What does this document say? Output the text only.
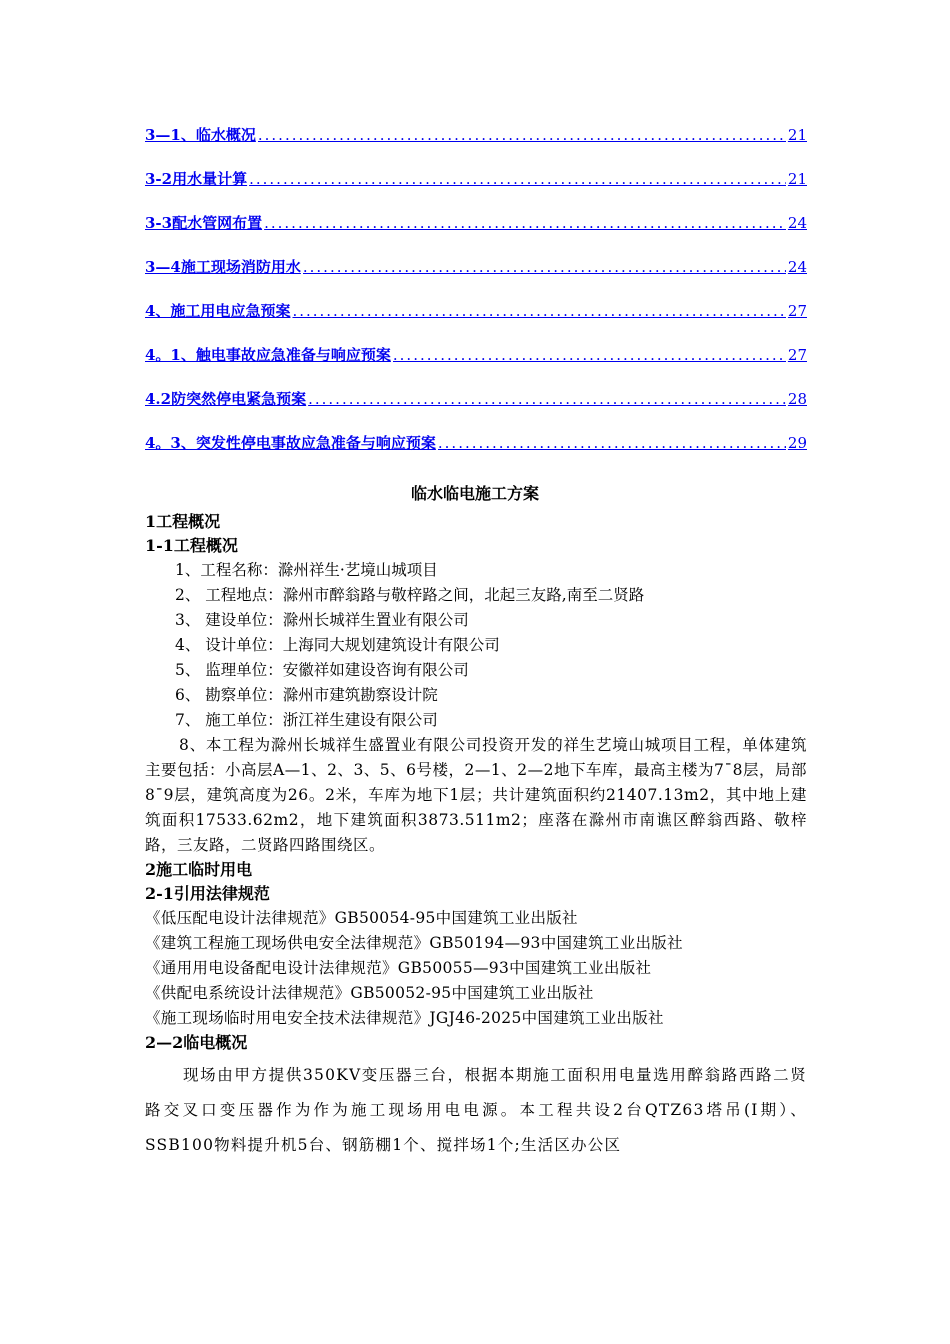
3—1、临水概况 .....	21
3-2用水量计算 .....	21
3-3配水管网布置 .....	24
3—4施工现场消防用水 .....	24
4、施工用电应急预案 .....	27
4。1、触电事故应急准备与响应预案 .....	27
4.2防突然停电紧急预案 .....	28
4。3、突发性停电事故应急准备与响应预案 .....	29
临水临电施工方案
1工程概况
1-1工程概况
1、工程名称：滁州祥生·艺境山城项目
2、 工程地点：滁州市醉翁路与敬梓路之间，北起三友路,南至二贤路
3、 建设单位：滁州长城祥生置业有限公司
4、 设计单位：上海同大规划建筑设计有限公司
5、 监理单位：安徽祥如建设咨询有限公司
6、 勘察单位：滁州市建筑勘察设计院
7、 施工单位：浙江祥生建设有限公司
8、本工程为滁州长城祥生盛置业有限公司投资开发的祥生艺境山城项目工程，单体建筑主要包括：小高层A—1、2、3、5、6号楼，2—1、2—2地下车库，最高主楼为7¯8层，局部8¯9层，建筑高度为26。2米，车库为地下1层；共计建筑面积约21407.13m2，其中地上建筑面积17533.62m2，地下建筑面积3873.511m2；座落在滁州市南谯区醉翁西路、敬梓路，三友路，二贤路四路围绕区。
2施工临时用电
2-1引用法律规范
《低压配电设计法律规范》GB50054-95中国建筑工业出版社
《建筑工程施工现场供电安全法律规范》GB50194—93中国建筑工业出版社
《通用用电设备配电设计法律规范》GB50055—93中国建筑工业出版社
《供配电系统设计法律规范》GB50052-95中国建筑工业出版社
《施工现场临时用电安全技术法律规范》JGJ46-2025中国建筑工业出版社
2—2临电概况
现场由甲方提供350KV变压器三台，根据本期施工面积用电量选用醉翁路西路二贤路交叉口变压器作为作为施工现场用电电源。本工程共设2台QTZ63塔吊(I期）、SSB100物料提升机5台、钢筋棚1个、搅拌场1个;生活区办公区
